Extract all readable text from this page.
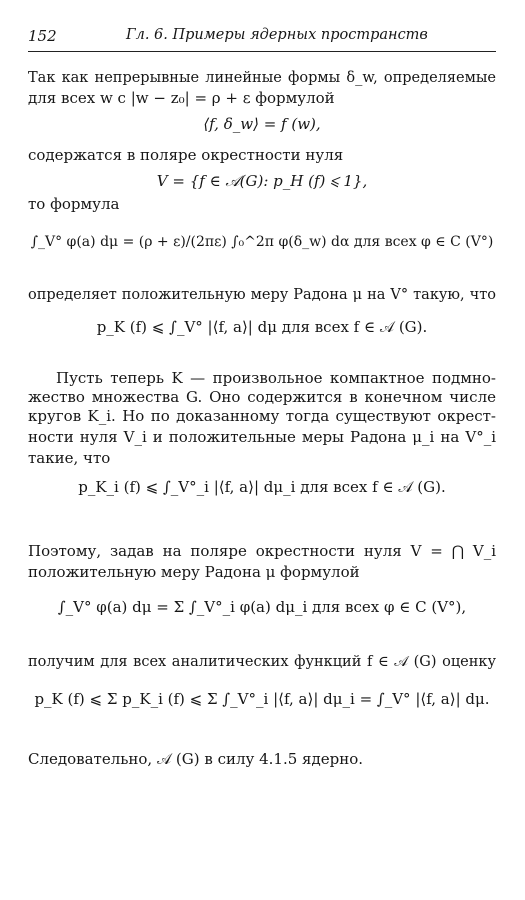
152	Гл. 6. Примеры ядерных пространств
Так как непрерывные линейные формы δ_w, определяемые
для всех w с |w − z₀| = ρ + ε формулой
⟨f, δ_w⟩ = f (w),
содержатся в поляре окрестности нуля
V = {f ∈ 𝒜(G): p_H (f) ⩽ 1},
то формула
∫_V° φ(a) dμ = (ρ + ε)/(2πε) ∫₀^2π φ(δ_w) dα для всех φ ∈ C (V°)
определяет положительную меру Радона μ на V° такую, что
p_K (f) ⩽ ∫_V° |⟨f, a⟩| dμ для всех f ∈ 𝒜 (G).
Пусть теперь K — произвольное компактное подмно-
жество множества G. Оно содержится в конечном числе
кругов K_i. Но по доказанному тогда существуют окрест-
ности нуля V_i и положительные меры Радона μ_i на V°_i
такие, что
p_K_i (f) ⩽ ∫_V°_i |⟨f, a⟩| dμ_i для всех f ∈ 𝒜 (G).
Поэтому, задав на поляре окрестности нуля V = ⋂ V_i
положительную меру Радона μ формулой
∫_V° φ(a) dμ = Σ ∫_V°_i φ(a) dμ_i для всех φ ∈ C (V°),
получим для всех аналитических функций f ∈ 𝒜 (G) оценку
p_K (f) ⩽ Σ p_K_i (f) ⩽ Σ ∫_V°_i |⟨f, a⟩| dμ_i = ∫_V° |⟨f, a⟩| dμ.
Следовательно, 𝒜 (G) в силу 4.1.5 ядерно.
